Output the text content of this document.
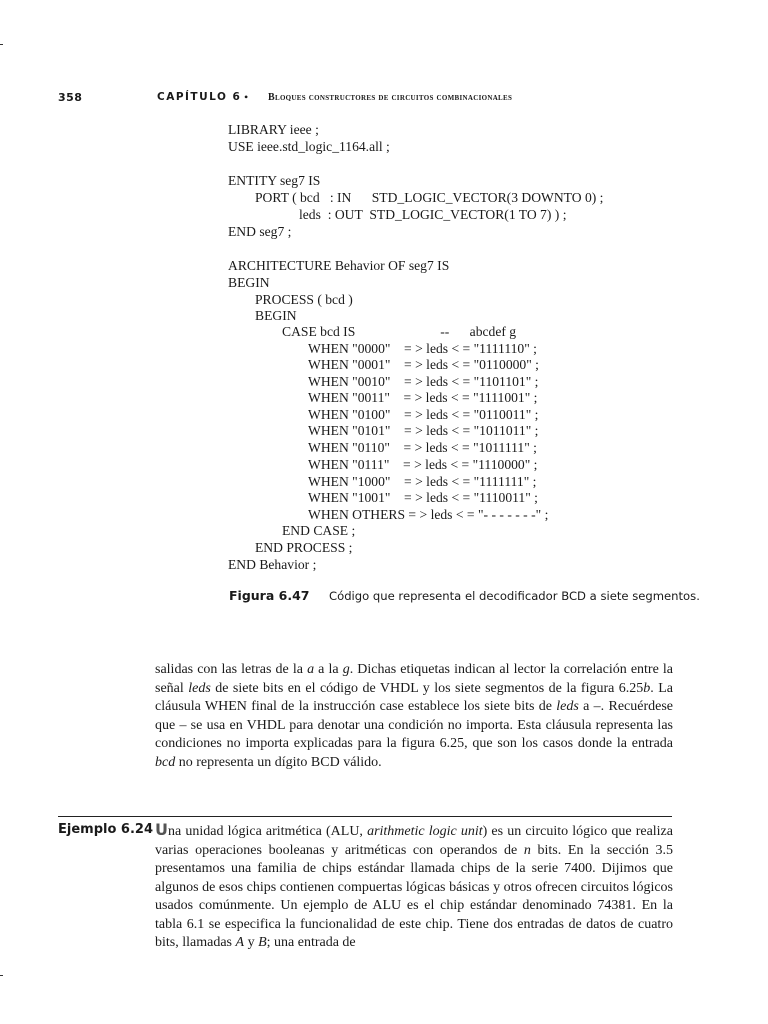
358	CAPÍTULO 6 • Bloques constructores de circuitos combinacionales
LIBRARY ieee ;
USE ieee.std_logic_1164.all ;
ENTITY seg7 IS
PORT ( bcd   : IN      STD_LOGIC_VECTOR(3 DOWNTO 0) ;
leds  : OUT  STD_LOGIC_VECTOR(1 TO 7) ) ;
END seg7 ;
ARCHITECTURE Behavior OF seg7 IS
BEGIN
PROCESS ( bcd )
BEGIN
CASE bcd IS                         --      abcdef g
WHEN "0000"    = > leds < = "1111110" ;
WHEN "0001"    = > leds < = "0110000" ;
WHEN "0010"    = > leds < = "1101101" ;
WHEN "0011"    = > leds < = "1111001" ;
WHEN "0100"    = > leds < = "0110011" ;
WHEN "0101"    = > leds < = "1011011" ;
WHEN "0110"    = > leds < = "1011111" ;
WHEN "0111"    = > leds < = "1110000" ;
WHEN "1000"    = > leds < = "1111111" ;
WHEN "1001"    = > leds < = "1110011" ;
WHEN OTHERS = > leds < = "- - - - - - -" ;
END CASE ;
END PROCESS ;
END Behavior ;
Figura 6.47 Código que representa el decodificador BCD a siete segmentos.
salidas con las letras de la a a la g. Dichas etiquetas indican al lector la correlación entre la señal leds de siete bits en el código de VHDL y los siete segmentos de la figura 6.25b. La cláusula WHEN final de la instrucción case establece los siete bits de leds a –. Recuérdese que – se usa en VHDL para denotar una condición no importa. Esta cláusula representa las condiciones no importa explicadas para la figura 6.25, que son los casos donde la entrada bcd no representa un dígito BCD válido.
Ejemplo 6.24 Una unidad lógica aritmética (ALU, arithmetic logic unit) es un circuito lógico que realiza varias operaciones booleanas y aritméticas con operandos de n bits. En la sección 3.5 presentamos una familia de chips estándar llamada chips de la serie 7400. Dijimos que algunos de esos chips contienen compuertas lógicas básicas y otros ofrecen circuitos lógicos usados comúnmente. Un ejemplo de ALU es el chip estándar denominado 74381. En la tabla 6.1 se especifica la funcionalidad de este chip. Tiene dos entradas de datos de cuatro bits, llamadas A y B; una entrada de
